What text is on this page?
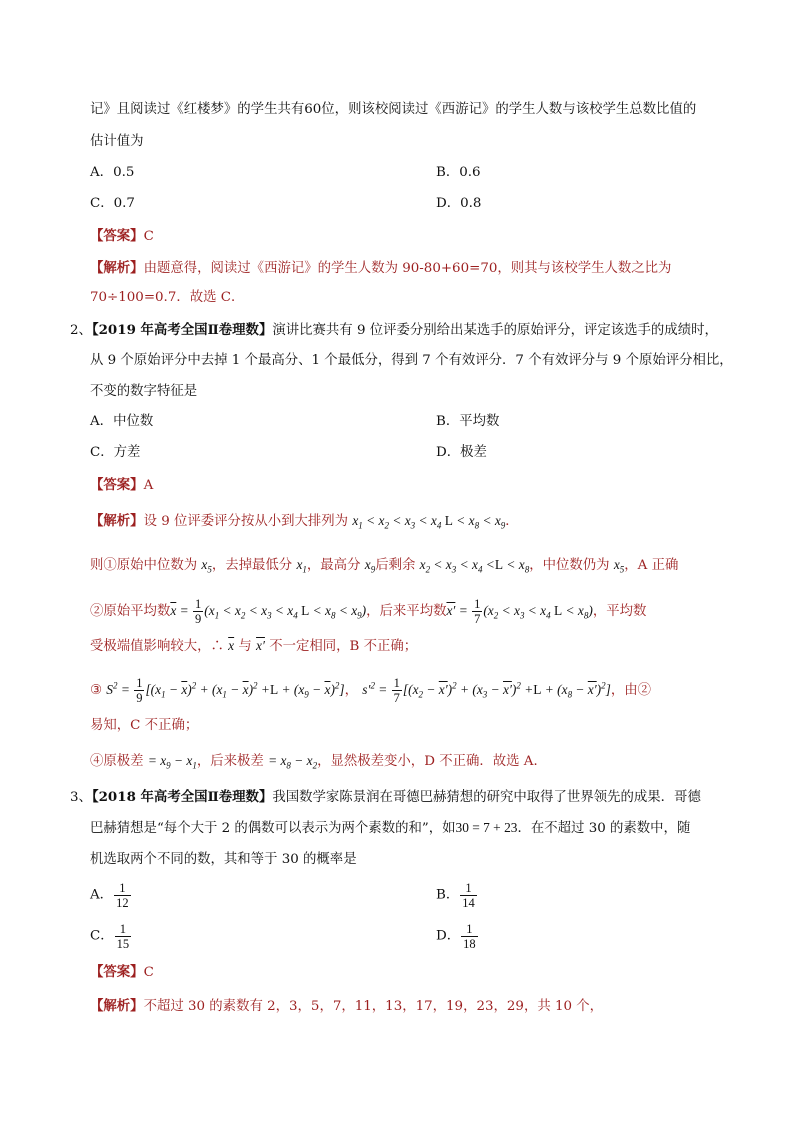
记》且阅读过《红楼梦》的学生共有60位，则该校阅读过《西游记》的学生人数与该校学生总数比值的
估计值为
A．0.5	B．0.6
C．0.7	D．0.8
【答案】C
【解析】由题意得，阅读过《西游记》的学生人数为 90-80+60=70，则其与该校学生人数之比为
70÷100=0.7．故选 C．
2、【2019 年高考全国Ⅱ卷理数】演讲比赛共有 9 位评委分别给出某选手的原始评分，评定该选手的成绩时，
从 9 个原始评分中去掉 1 个最高分、1 个最低分，得到 7 个有效评分．7 个有效评分与 9 个原始评分相比，
不变的数字特征是
A．中位数	B．平均数
C．方差	D．极差
【答案】A
【解析】设 9 位评委评分按从小到大排列为 $x_1 < x_2 < x_3 < x_4$ $L < x_8 < x_9$．
则①原始中位数为 $x_5$，去掉最低分 $x_1$，最高分 $x_9$后剩余 $x_2 < x_3 < x_4 <L < x_8$，中位数仍为 $x_5$，A 正确
②原始平均数$\overline{x} = \frac{1}{9} (x_1 < x_2 < x_3 < x_4$ $L < x_8 < x_9$)，后来平均数$x' = \frac{1}{7} (x_2 < x_3 < x_4$ $L < x_8$)，平均数
受极端值影响较大，∴ $\overline{x}$ 与 x′ 不一定相同，B 不正确；
③ $S^2 = \frac{1}{9} [(x_1 - \overline{x})^2 + (x_1 - \overline{x})^2 +L + (x_9 - \overline{x})^2]$， $s'^2 = \frac{1}{7} [(x_2 - x')^2 + (x_3 - x')^2 +L + (x_8 - x')^2]$，由②
易知，C 不正确；
④原极差 = $x_9 - x_1$，后来极差 = $x_8 - x_2$，显然极差变小，D 不正确．故选 A．
3、【2018 年高考全国Ⅱ卷理数】我国数学家陈景润在哥德巴赫猜想的研究中取得了世界领先的成果．哥德
巴赫猜想是“每个大于 2 的偶数可以表示为两个素数的和”，如30 = 7 + 23．在不超过 30 的素数中，随
机选取两个不同的数，其和等于 30 的概率是
A． $\frac{1}{12}$	B． $\frac{1}{14}$
C． $\frac{1}{15}$	D． $\frac{1}{18}$
【答案】C
【解析】不超过 30 的素数有 2，3，5，7，11，13，17，19，23，29，共 10 个，
